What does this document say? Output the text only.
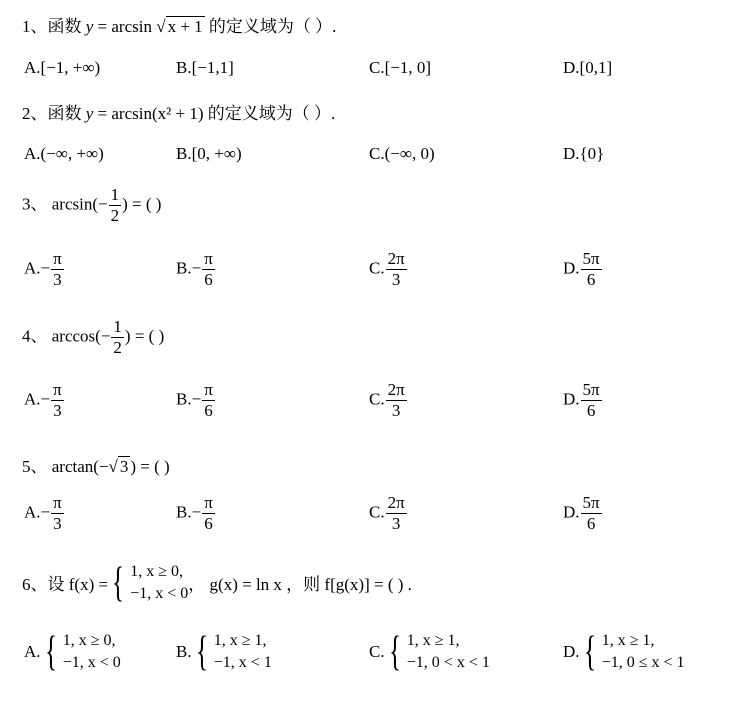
1、函数 y = arcsin √ x + 1 的定义域为（ ）.
A.[−1, +∞)	B.[−1,1]	C.[−1, 0]	D.[0,1]
2、函数 y = arcsin(x² + 1) 的定义域为（ ）.
A.(−∞, +∞)	B.[0, +∞)	C.(−∞, 0)	D.{0}
3、 $\arcsin(- \frac{1}{2}$ ) = ( )
$A.- \frac{\pi}{3}$	$B.- \frac{\pi}{6}$	C. $\frac{2\pi}{3}$	D. $\frac{5\pi}{6}$
4、 $\arccos(- \frac{1}{2}$ ) = ( )
$A.- \frac{\pi}{3}$	$B.- \frac{\pi}{6}$	C. $\frac{2\pi}{3}$	D. $\frac{5\pi}{6}$
5、 arctan(−√ 3 ) = ( )
$A.- \frac{\pi}{3}$	$B.- \frac{\pi}{6}$	C. $\frac{2\pi}{3}$	D. $\frac{5\pi}{6}$
6、设 f(x) = { 1, x ≥ 0,
−1, x < 0 ， g(x) = ln x ，则 f[g(x)] = ( ) .
A. { 1, x ≥ 0,
−1, x < 0
B. { 1, x ≥ 1,
−1, x < 1
C. { 1, x ≥ 1,
−1, 0 < x < 1
D. { 1, x ≥ 1,
−1, 0 ≤ x < 1
